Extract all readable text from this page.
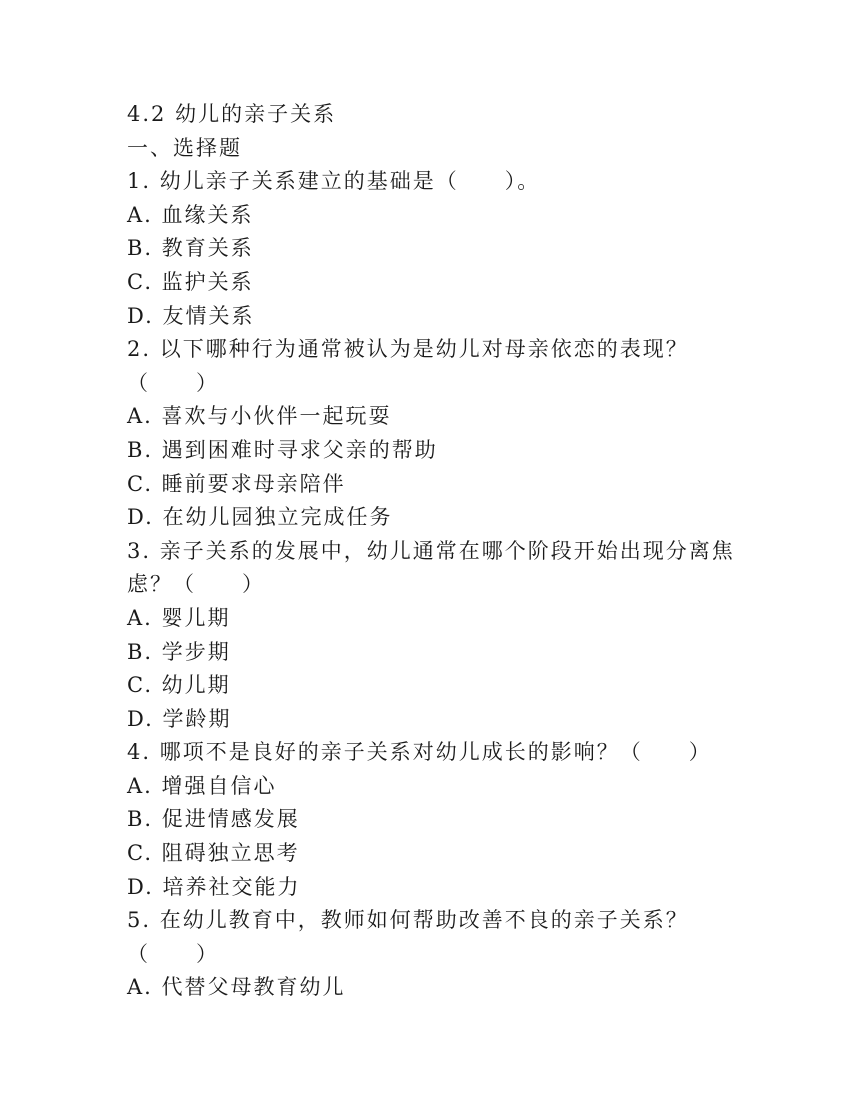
4.2 幼儿的亲子关系
一、选择题
1. 幼儿亲子关系建立的基础是（　　）。
A. 血缘关系
B. 教育关系
C. 监护关系
D. 友情关系
2. 以下哪种行为通常被认为是幼儿对母亲依恋的表现？
（　　）
A. 喜欢与小伙伴一起玩耍
B. 遇到困难时寻求父亲的帮助
C. 睡前要求母亲陪伴
D. 在幼儿园独立完成任务
3. 亲子关系的发展中，幼儿通常在哪个阶段开始出现分离焦
虑？（　　）
A. 婴儿期
B. 学步期
C. 幼儿期
D. 学龄期
4. 哪项不是良好的亲子关系对幼儿成长的影响？（　　）
A. 增强自信心
B. 促进情感发展
C. 阻碍独立思考
D. 培养社交能力
5. 在幼儿教育中，教师如何帮助改善不良的亲子关系？
（　　）
A. 代替父母教育幼儿
